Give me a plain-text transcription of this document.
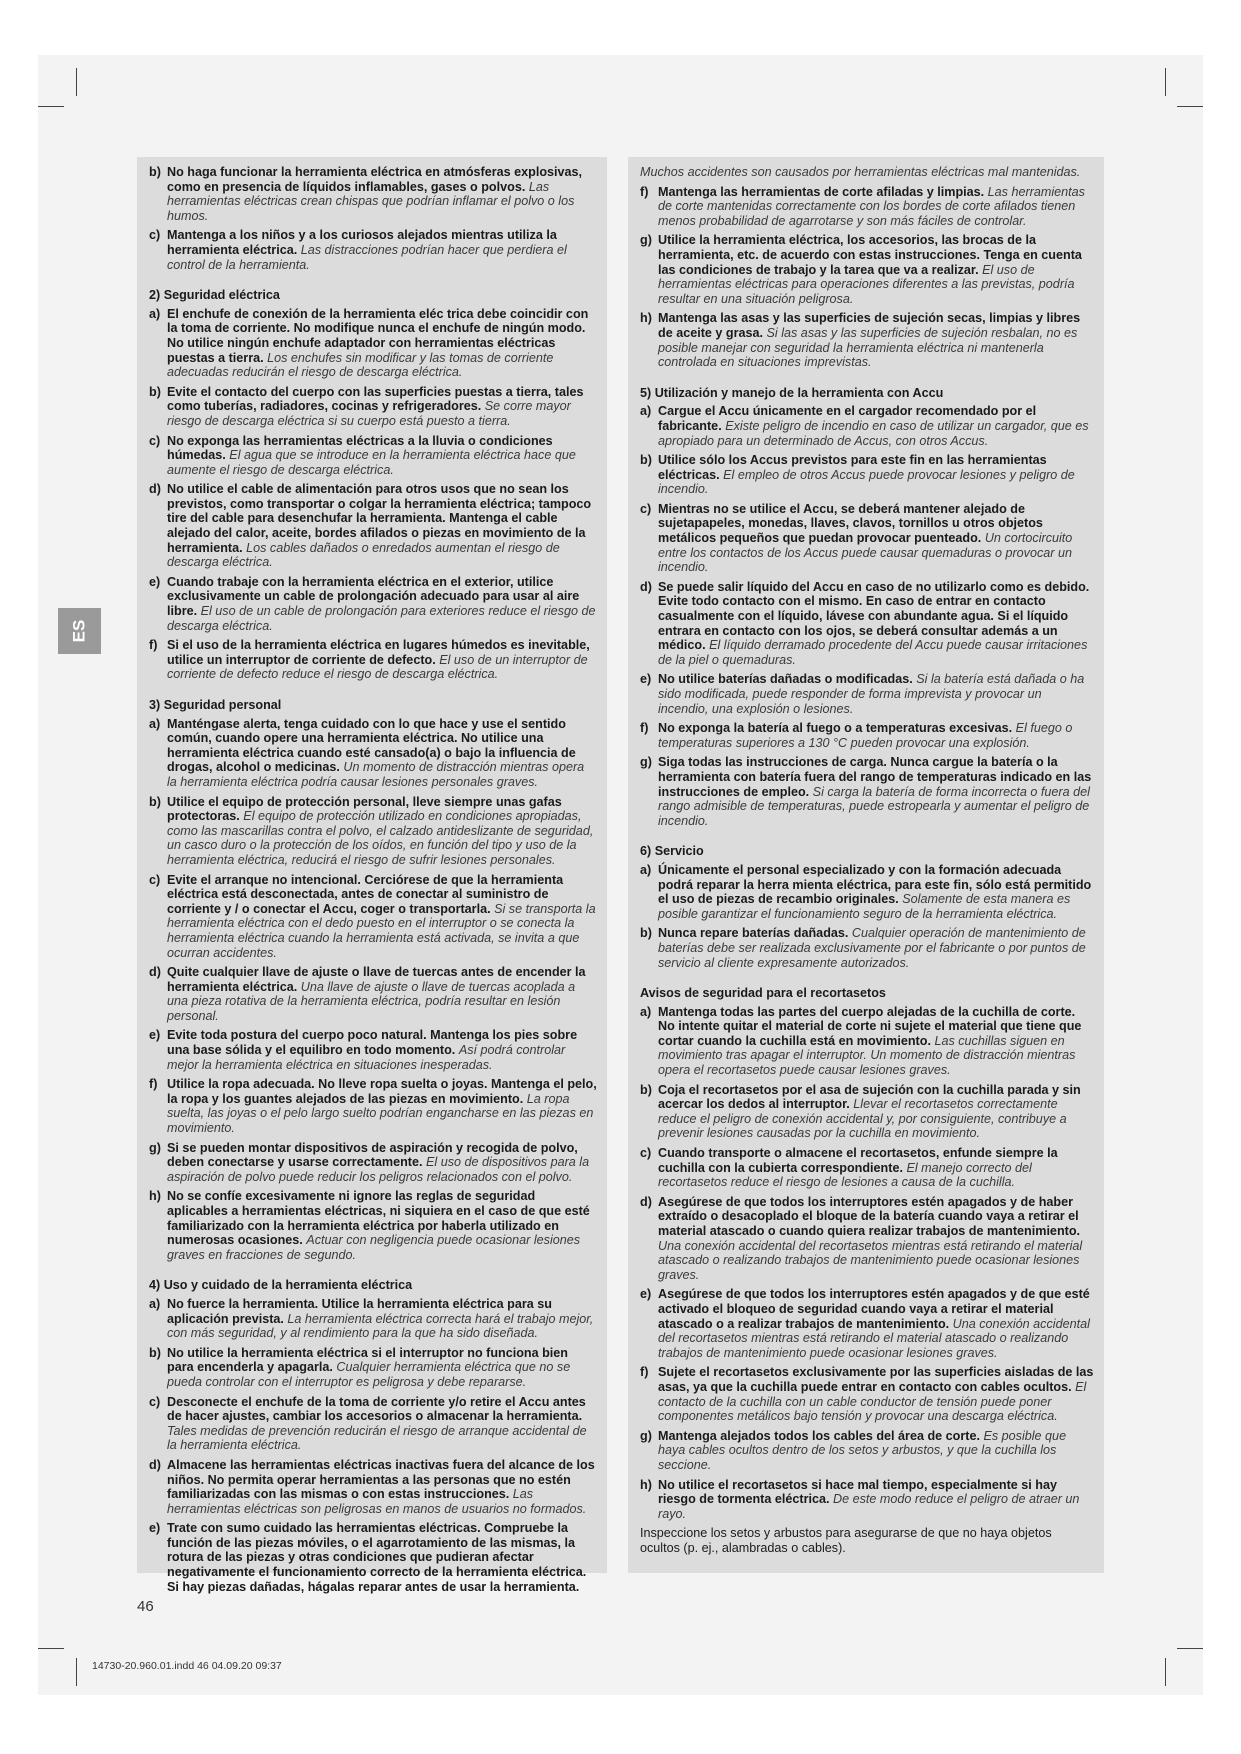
ES
b) No haga funcionar la herramienta eléctrica en atmósferas explosivas, como en presencia de líquidos inflamables, gases o polvos. Las herramientas eléctricas crean chispas que podrían inflamar el polvo o los humos.
c) Mantenga a los niños y a los curiosos alejados mientras utiliza la herramienta eléctrica. Las distracciones podrían hacer que perdiera el control de la herramienta.
2) Seguridad eléctrica
a) El enchufe de conexión de la herramienta eléc trica debe coincidir con la toma de corriente. No modifique nunca el enchufe de ningún modo. No utilice ningún enchufe adaptador con herramientas eléctricas puestas a tierra. Los enchufes sin modificar y las tomas de corriente adecuadas reducirán el riesgo de descarga eléctrica.
b) Evite el contacto del cuerpo con las superficies puestas a tierra, tales como tuberías, radiadores, cocinas y refrigeradores. Se corre mayor riesgo de descarga eléctrica si su cuerpo está puesto a tierra.
c) No exponga las herramientas eléctricas a la lluvia o condiciones húmedas. El agua que se introduce en la herramienta eléctrica hace que aumente el riesgo de descarga eléctrica.
d) No utilice el cable de alimentación para otros usos que no sean los previstos, como transportar o colgar la herramienta eléctrica; tampoco tire del cable para desenchufar la herramienta. Mantenga el cable alejado del calor, aceite, bordes afilados o piezas en movimiento de la herramienta. Los cables dañados o enredados aumentan el riesgo de descarga eléctrica.
e) Cuando trabaje con la herramienta eléctrica en el exterior, utilice exclusivamente un cable de prolongación adecuado para usar al aire libre. El uso de un cable de prolongación para exteriores reduce el riesgo de descarga eléctrica.
f) Si el uso de la herramienta eléctrica en lugares húmedos es inevitable, utilice un interruptor de corriente de defecto. El uso de un interruptor de corriente de defecto reduce el riesgo de descarga eléctrica.
3) Seguridad personal
a) Manténgase alerta, tenga cuidado con lo que hace y use el sentido común, cuando opere una herramienta eléctrica. No utilice una herramienta eléctrica cuando esté cansado(a) o bajo la influencia de drogas, alcohol o medicinas. Un momento de distracción mientras opera la herramienta eléctrica podría causar lesiones personales graves.
b) Utilice el equipo de protección personal, lleve siempre unas gafas protectoras. El equipo de protección utilizado en condiciones apropiadas, como las mascarillas contra el polvo, el calzado antideslizante de seguridad, un casco duro o la protección de los oídos, en función del tipo y uso de la herramienta eléctrica, reducirá el riesgo de sufrir lesiones personales.
c) Evite el arranque no intencional. Cerciórese de que la herramienta eléctrica está desconectada, antes de conectar al suministro de corriente y / o conectar el Accu, coger o transportarla. Si se transporta la herramienta eléctrica con el dedo puesto en el interruptor o se conecta la herramienta eléctrica cuando la herramienta está activada, se invita a que ocurran accidentes.
d) Quite cualquier llave de ajuste o llave de tuercas antes de encender la herramienta eléctrica. Una llave de ajuste o llave de tuercas acoplada a una pieza rotativa de la herramienta eléctrica, podría resultar en lesión personal.
e) Evite toda postura del cuerpo poco natural. Mantenga los pies sobre una base sólida y el equilibro en todo momento. Así podrá controlar mejor la herramienta eléctrica en situaciones inesperadas.
f) Utilice la ropa adecuada. No lleve ropa suelta o joyas. Mantenga el pelo, la ropa y los guantes alejados de las piezas en movimiento. La ropa suelta, las joyas o el pelo largo suelto podrían engancharse en las piezas en movimiento.
g) Si se pueden montar dispositivos de aspiración y recogida de polvo, deben conectarse y usarse correctamente. El uso de dispositivos para la aspiración de polvo puede reducir los peligros relacionados con el polvo.
h) No se confíe excesivamente ni ignore las reglas de seguridad aplicables a herramientas eléctricas, ni siquiera en el caso de que esté familiarizado con la herramienta eléctrica por haberla utilizado en numerosas ocasiones. Actuar con negligencia puede ocasionar lesiones graves en fracciones de segundo.
4) Uso y cuidado de la herramienta eléctrica
a) No fuerce la herramienta. Utilice la herramienta eléctrica para su aplicación prevista. La herramienta eléctrica correcta hará el trabajo mejor, con más seguridad, y al rendimiento para la que ha sido diseñada.
b) No utilice la herramienta eléctrica si el interruptor no funciona bien para encenderla y apagarla. Cualquier herramienta eléctrica que no se pueda controlar con el interruptor es peligrosa y debe repararse.
c) Desconecte el enchufe de la toma de corriente y/o retire el Accu antes de hacer ajustes, cambiar los accesorios o almacenar la herramienta. Tales medidas de prevención reducirán el riesgo de arranque accidental de la herramienta eléctrica.
d) Almacene las herramientas eléctricas inactivas fuera del alcance de los niños. No permita operar herramientas a las personas que no estén familiarizadas con las mismas o con estas instrucciones. Las herramientas eléctricas son peligrosas en manos de usuarios no formados.
e) Trate con sumo cuidado las herramientas eléctricas. Compruebe la función de las piezas móviles, o el agarrotamiento de las mismas, la rotura de las piezas y otras condiciones que pudieran afectar negativamente el funcionamiento correcto de la herramienta eléctrica. Si hay piezas dañadas, hágalas reparar antes de usar la herramienta.
Muchos accidentes son causados por herramientas eléctricas mal mantenidas.
f) Mantenga las herramientas de corte afiladas y limpias. Las herramientas de corte mantenidas correctamente con los bordes de corte afilados tienen menos probabilidad de agarrotarse y son más fáciles de controlar.
g) Utilice la herramienta eléctrica, los accesorios, las brocas de la herramienta, etc. de acuerdo con estas instrucciones. Tenga en cuenta las condiciones de trabajo y la tarea que va a realizar. El uso de herramientas eléctricas para operaciones diferentes a las previstas, podría resultar en una situación peligrosa.
h) Mantenga las asas y las superficies de sujeción secas, limpias y libres de aceite y grasa. Si las asas y las superficies de sujeción resbalan, no es posible manejar con seguridad la herramienta eléctrica ni mantenerla controlada en situaciones imprevistas.
5) Utilización y manejo de la herramienta con Accu
a) Cargue el Accu únicamente en el cargador recomendado por el fabricante. Existe peligro de incendio en caso de utilizar un cargador, que es apropiado para un determinado de Accus, con otros Accus.
b) Utilice sólo los Accus previstos para este fin en las herramientas eléctricas. El empleo de otros Accus puede provocar lesiones y peligro de incendio.
c) Mientras no se utilice el Accu, se deberá mantener alejado de sujetapapeles, monedas, llaves, clavos, tornillos u otros objetos metálicos pequeños que puedan provocar puenteado. Un cortocircuito entre los contactos de los Accus puede causar quemaduras o provocar un incendio.
d) Se puede salir líquido del Accu en caso de no utilizarlo como es debido. Evite todo contacto con el mismo. En caso de entrar en contacto casualmente con el líquido, lávese con abundante agua. Si el líquido entrara en contacto con los ojos, se deberá consultar además a un médico. El líquido derramado procedente del Accu puede causar irritaciones de la piel o quemaduras.
e) No utilice baterías dañadas o modificadas. Si la batería está dañada o ha sido modificada, puede responder de forma imprevista y provocar un incendio, una explosión o lesiones.
f) No exponga la batería al fuego o a temperaturas excesivas. El fuego o temperaturas superiores a 130 °C pueden provocar una explosión.
g) Siga todas las instrucciones de carga. Nunca cargue la batería o la herramienta con batería fuera del rango de temperaturas indicado en las instrucciones de empleo. Si carga la batería de forma incorrecta o fuera del rango admisible de temperaturas, puede estropearla y aumentar el peligro de incendio.
6) Servicio
a) Únicamente el personal especializado y con la formación adecuada podrá reparar la herra mienta eléctrica, para este fin, sólo está permitido el uso de piezas de recambio originales. Solamente de esta manera es posible garantizar el funcionamiento seguro de la herramienta eléctrica.
b) Nunca repare baterías dañadas. Cualquier operación de mantenimiento de baterías debe ser realizada exclusivamente por el fabricante o por puntos de servicio al cliente expresamente autorizados.
Avisos de seguridad para el recortasetos
a) Mantenga todas las partes del cuerpo alejadas de la cuchilla de corte. No intente quitar el material de corte ni sujete el material que tiene que cortar cuando la cuchilla está en movimiento. Las cuchillas siguen en movimiento tras apagar el interruptor. Un momento de distracción mientras opera el recortasetos puede causar lesiones graves.
b) Coja el recortasetos por el asa de sujeción con la cuchilla parada y sin acercar los dedos al interruptor. Llevar el recortasetos correctamente reduce el peligro de conexión accidental y, por consiguiente, contribuye a prevenir lesiones causadas por la cuchilla en movimiento.
c) Cuando transporte o almacene el recortasetos, enfunde siempre la cuchilla con la cubierta correspondiente. El manejo correcto del recortasetos reduce el riesgo de lesiones a causa de la cuchilla.
d) Asegúrese de que todos los interruptores estén apagados y de haber extraído o desacoplado el bloque de la batería cuando vaya a retirar el material atascado o cuando quiera realizar trabajos de mantenimiento. Una conexión accidental del recortasetos mientras está retirando el material atascado o realizando trabajos de mantenimiento puede ocasionar lesiones graves.
e) Asegúrese de que todos los interruptores estén apagados y de que esté activado el bloqueo de seguridad cuando vaya a retirar el material atascado o a realizar trabajos de mantenimiento. Una conexión accidental del recortasetos mientras está retirando el material atascado o realizando trabajos de mantenimiento puede ocasionar lesiones graves.
f) Sujete el recortasetos exclusivamente por las superficies aisladas de las asas, ya que la cuchilla puede entrar en contacto con cables ocultos. El contacto de la cuchilla con un cable conductor de tensión puede poner componentes metálicos bajo tensión y provocar una descarga eléctrica.
g) Mantenga alejados todos los cables del área de corte. Es posible que haya cables ocultos dentro de los setos y arbustos, y que la cuchilla los seccione.
h) No utilice el recortasetos si hace mal tiempo, especialmente si hay riesgo de tormenta eléctrica. De este modo reduce el peligro de atraer un rayo.
Inspeccione los setos y arbustos para asegurarse de que no haya objetos ocultos (p. ej., alambradas o cables).
46
14730-20.960.01.indd 46 04.09.20 09:37
